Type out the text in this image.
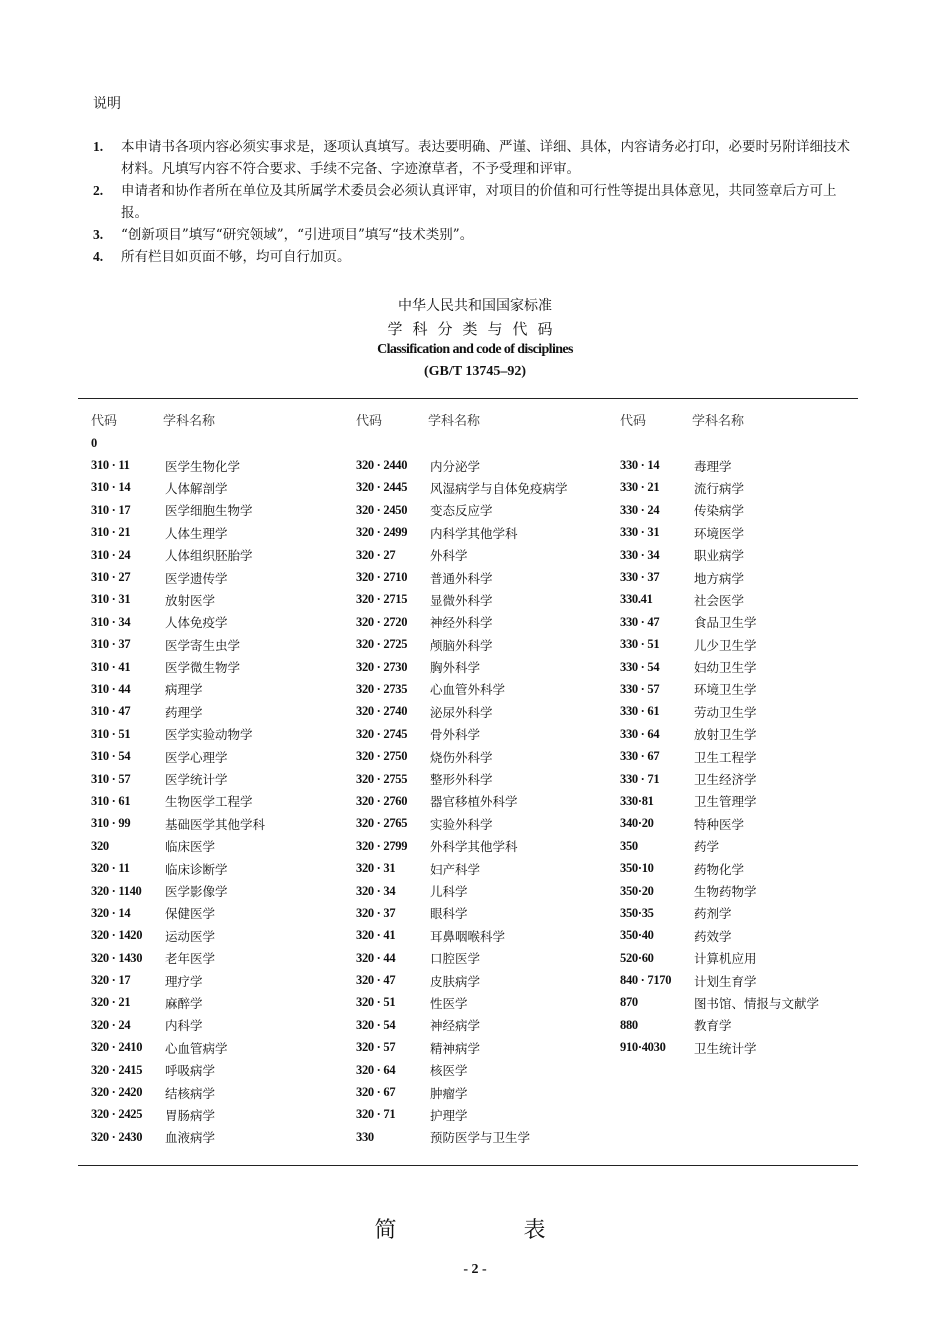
说明
1.	本申请书各项内容必须实事求是，逐项认真填写。表达要明确、严谨、详细、具体，内容请务必打印，必要时另附详细技术材料。凡填写内容不符合要求、手续不完备、字迹潦草者，不予受理和评审。
2.	申请者和协作者所在单位及其所属学术委员会必须认真评审，对项目的价值和可行性等提出具体意见，共同签章后方可上报。
3.	“创新项目”填写“研究领域”，“引进项目”填写“技术类别”。
4.	所有栏目如页面不够，均可自行加页。
中华人民共和国国家标准
学科分类与代码
Classification and code of disciplines
(GB/T 13745–92)
代码	学科名称
0
310 · 11	医学生物化学
310 · 14	人体解剖学
310 · 17	医学细胞生物学
310 · 21	人体生理学
310 · 24	人体组织胚胎学
310 · 27	医学遗传学
310 · 31	放射医学
310 · 34	人体免疫学
310 · 37	医学寄生虫学
310 · 41	医学微生物学
310 · 44	病理学
310 · 47	药理学
310 · 51	医学实验动物学
310 · 54	医学心理学
310 · 57	医学统计学
310 · 61	生物医学工程学
310 · 99	基础医学其他学科
320	临床医学
320 · 11	临床诊断学
320 · 1140	医学影像学
320 · 14	保健医学
320 · 1420	运动医学
320 · 1430	老年医学
320 · 17	理疗学
320 · 21	麻醉学
320 · 24	内科学
320 · 2410	心血管病学
320 · 2415	呼吸病学
320 · 2420	结核病学
320 · 2425	胃肠病学
320 · 2430	血液病学
代码	学科名称
320 · 2440	内分泌学
320 · 2445	风湿病学与自体免疫病学
320 · 2450	变态反应学
320 · 2499	内科学其他学科
320 · 27	外科学
320 · 2710	普通外科学
320 · 2715	显微外科学
320 · 2720	神经外科学
320 · 2725	颅脑外科学
320 · 2730	胸外科学
320 · 2735	心血管外科学
320 · 2740	泌尿外科学
320 · 2745	骨外科学
320 · 2750	烧伤外科学
320 · 2755	整形外科学
320 · 2760	器官移植外科学
320 · 2765	实验外科学
320 · 2799	外科学其他学科
320 · 31	妇产科学
320 · 34	儿科学
320 · 37	眼科学
320 · 41	耳鼻咽喉科学
320 · 44	口腔医学
320 · 47	皮肤病学
320 · 51	性医学
320 · 54	神经病学
320 · 57	精神病学
320 · 64	核医学
320 · 67	肿瘤学
320 · 71	护理学
330	预防医学与卫生学
代码	学科名称
330 · 14	毒理学
330 · 21	流行病学
330 · 24	传染病学
330 · 31	环境医学
330 · 34	职业病学
330 · 37	地方病学
330.41	社会医学
330 · 47	食品卫生学
330 · 51	儿少卫生学
330 · 54	妇幼卫生学
330 · 57	环境卫生学
330 · 61	劳动卫生学
330 · 64	放射卫生学
330 · 67	卫生工程学
330 · 71	卫生经济学
330·81	卫生管理学
340·20	特种医学
350	药学
350·10	药物化学
350·20	生物药物学
350·35	药剂学
350·40	药效学
520·60	计算机应用
840 · 7170	计划生育学
870	图书馆、情报与文献学
880	教育学
910·4030	卫生统计学
简 表
- 2 -
